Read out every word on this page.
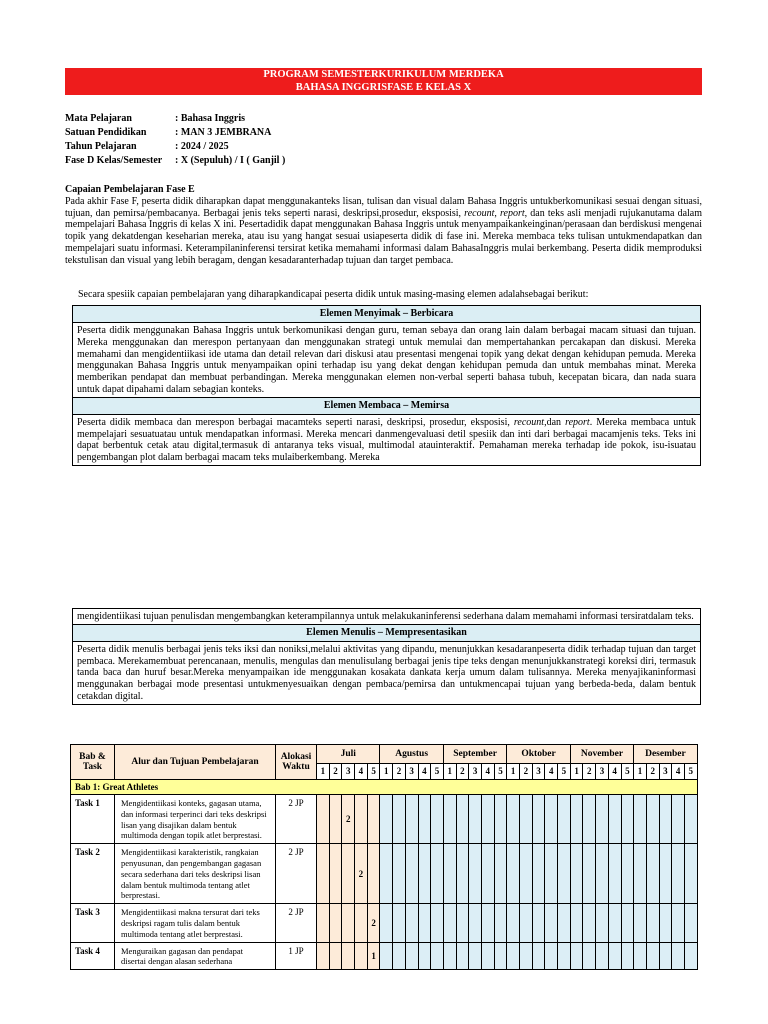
PROGRAM SEMESTERKURIKULUM MERDEKA
BAHASA INGGRISFASE E KELAS X
Mata Pelajaran	: Bahasa Inggris
Satuan Pendidikan	: MAN 3 JEMBRANA
Tahun Pelajaran	: 2024 / 2025
Fase D Kelas/Semester : X (Sepuluh) / I ( Ganjil )
Capaian Pembelajaran Fase E
Pada akhir Fase F, peserta didik diharapkan dapat menggunakanteks lisan, tulisan dan visual dalam Bahasa Inggris untukberkomunikasi sesuai dengan situasi, tujuan, dan pemirsa/pembacanya. Berbagai jenis teks seperti narasi, deskripsi,prosedur, eksposisi, recount, report, dan teks asli menjadi rujukanutama dalam mempelajari Bahasa Inggris di kelas X ini. Pesertadidik dapat menggunakan Bahasa Inggris untuk menyampaikankeinginan/perasaan dan berdiskusi mengenai topik yang dekatdengan keseharian mereka, atau isu yang hangat sesuai usiapeserta didik di fase ini. Mereka membaca teks tulisan untukmendapatkan dan mempelajari suatu informasi. Keterampilaninferensi tersirat ketika memahami informasi dalam BahasaInggris mulai berkembang. Peserta didik memproduksi tekstulisan dan visual yang lebih beragam, dengan kesadaranterhadap tujuan dan target pembaca.
Secara spesiik capaian pembelajaran yang diharapkandicapai peserta didik untuk masing-masing elemen adalahsebagai berikut:
Elemen Menyimak – Berbicara
Peserta didik menggunakan Bahasa Inggris untuk berkomunikasi dengan guru, teman sebaya dan orang lain dalam berbagai macam situasi dan tujuan. Mereka menggunakan dan merespon pertanyaan dan menggunakan strategi untuk memulai dan mempertahankan percakapan dan diskusi. Mereka memahami dan mengidentiikasi ide utama dan detail relevan dari diskusi atau presentasi mengenai topik yang dekat dengan kehidupan pemuda. Mereka menggunakan Bahasa Inggris untuk menyampaikan opini terhadap isu yang dekat dengan kehidupan pemuda dan untuk membahas minat. Mereka memberikan pendapat dan membuat perbandingan. Mereka menggunakan elemen non-verbal seperti bahasa tubuh, kecepatan bicara, dan nada suara untuk dapat dipahami dalam sebagian konteks.
Elemen Membaca – Memirsa
Peserta didik membaca dan merespon berbagai macamteks seperti narasi, deskripsi, prosedur, eksposisi, recount,dan report. Mereka membaca untuk mempelajari sesuatuatau untuk mendapatkan informasi. Mereka mencari danmengevaluasi detil spesiik dan inti dari berbagai macamjenis teks. Teks ini dapat berbentuk cetak atau digital,termasuk di antaranya teks visual, multimodal atauinteraktif. Pemahaman mereka terhadap ide pokok, isu-isuatau pengembangan plot dalam berbagai macam teks mulaiberkembang. Mereka
mengidentiikasi tujuan penulisdan mengembangkan keterampilannya untuk melakukaninferensi sederhana dalam memahami informasi tersiratdalam teks.
Elemen Menulis – Mempresentasikan
Peserta didik menulis berbagai jenis teks iksi dan noniksi,melalui aktivitas yang dipandu, menunjukkan kesadaranpeserta didik terhadap tujuan dan target pembaca. Merekamembuat perencanaan, menulis, mengulas dan menulisulang berbagai jenis tipe teks dengan menunjukkanstrategi koreksi diri, termasuk tanda baca dan huruf besar.Mereka menyampaikan ide menggunakan kosakata dankata kerja umum dalam tulisannya. Mereka menyajikaninformasi menggunakan berbagai mode presentasi untukmenyesuaikan dengan pembaca/pemirsa dan untukmencapai tujuan yang berbeda-beda, dalam bentuk cetakdan digital.
Bab & Task	Alur dan Tujuan Pembelajaran	Alokasi Waktu	Juli					Agustus					September					Oktober					November					Desember				
			1	2	3	4	5	1	2	3	4	5	1	2	3	4	5	1	2	3	4	5	1	2	3	4	5	1	2	3	4	5
Bab 1: Great Athletes																																
Task 1	Mengidentiikasi konteks, gagasan utama, dan informasi terperinci dari teks deskripsi lisan yang disajikan dalam bentuk multimoda dengan topik atlet berprestasi.	2 JP			2																											
Task 2	Mengidentiikasi karakteristik, rangkaian penyusunan, dan pengembangan gagasan secara sederhana dari teks deskripsi lisan dalam bentuk multimoda tentang atlet berprestasi.	2 JP				2																										
Task 3	Mengidentiikasi makna tersurat dari teks deskripsi ragam tulis dalam bentuk multimoda tentang atlet berprestasi.	2 JP					2																									
Task 4	Menguraikan gagasan dan pendapat disertai dengan alasan sederhana	1 JP					1																									
